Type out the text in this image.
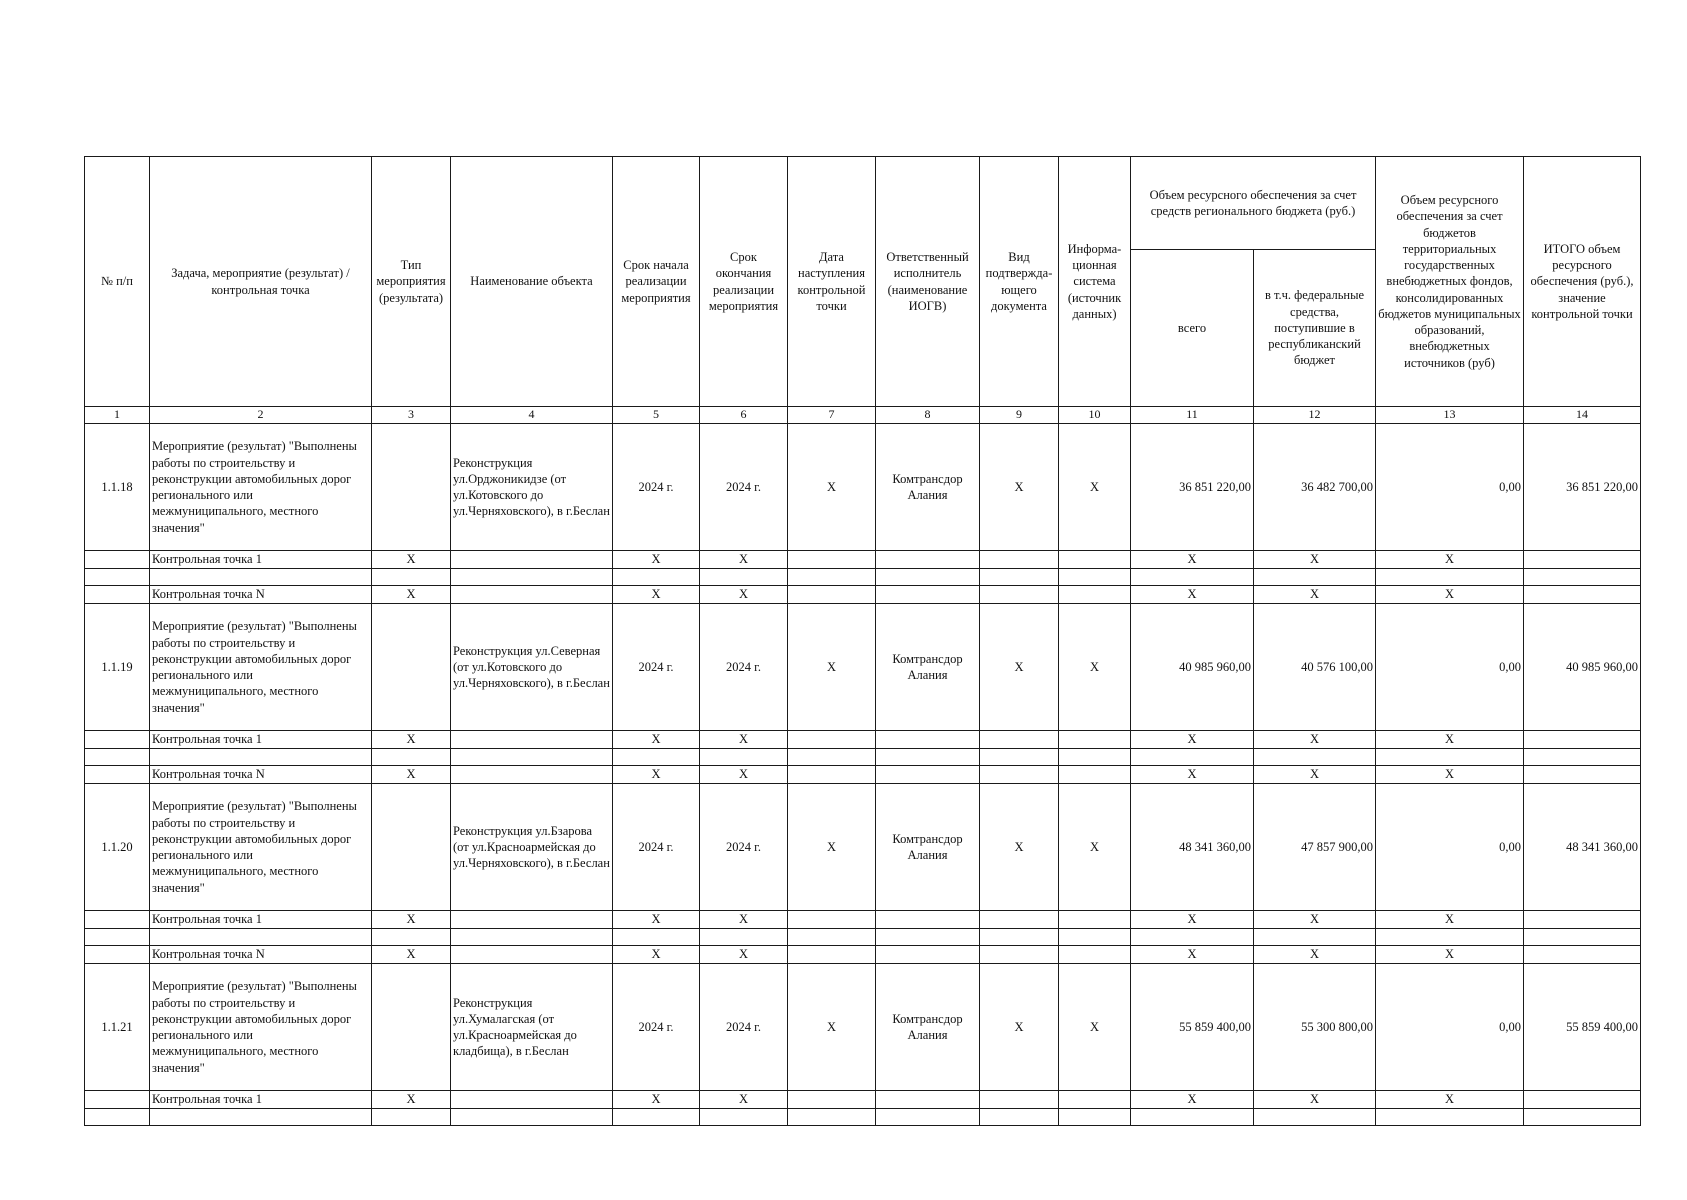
№ п/п	Задача, мероприятие (результат) / контрольная точка	Тип мероприятия (результата)	Наименование объекта	Срок начала реализации мероприятия	Срок окончания реализации мероприятия	Дата наступления контрольной точки	Ответственный исполнитель (наименование ИОГВ)	Вид подтвержда-ющего документа	Информа-ционная система (источник данных)	Объем ресурсного обеспечения за счет средств регионального бюджета (руб.)		Объем ресурсного обеспечения за счет бюджетов территориальных государственных внебюджетных фондов, консолидированных бюджетов муниципальных образований, внебюджетных источников (руб)	ИТОГО объем ресурсного обеспечения (руб.), значение контрольной точки
										всего	в т.ч. федеральные средства, поступившие в республиканский бюджет		
1	2	3	4	5	6	7	8	9	10	11	12	13	14
1.1.18	Мероприятие (результат) "Выполнены работы по строительству и реконструкции автомобильных дорог регионального или межмуниципального, местного значения"		Реконструкция ул.Орджоникидзе (от ул.Котовского до ул.Черняховского), в г.Беслан	2024 г.	2024 г.	X	Комтрансдор Алания	X	X	36 851 220,00	36 482 700,00	0,00	36 851 220,00
	Контрольная точка 1	X		X	X					X	X	X	

	Контрольная точка N	X		X	X					X	X	X	
1.1.19	Мероприятие (результат) "Выполнены работы по строительству и реконструкции автомобильных дорог регионального или межмуниципального, местного значения"		Реконструкция ул.Северная (от ул.Котовского до ул.Черняховского), в г.Беслан	2024 г.	2024 г.	X	Комтрансдор Алания	X	X	40 985 960,00	40 576 100,00	0,00	40 985 960,00
	Контрольная точка 1	X		X	X					X	X	X	

	Контрольная точка N	X		X	X					X	X	X	
1.1.20	Мероприятие (результат) "Выполнены работы по строительству и реконструкции автомобильных дорог регионального или межмуниципального, местного значения"		Реконструкция ул.Бзарова (от ул.Красноармейская до ул.Черняховского), в г.Беслан	2024 г.	2024 г.	X	Комтрансдор Алания	X	X	48 341 360,00	47 857 900,00	0,00	48 341 360,00
	Контрольная точка 1	X		X	X					X	X	X	

	Контрольная точка N	X		X	X					X	X	X	
1.1.21	Мероприятие (результат) "Выполнены работы по строительству и реконструкции автомобильных дорог регионального или межмуниципального, местного значения"		Реконструкция ул.Хумалагская (от ул.Красноармейская до кладбища), в г.Беслан	2024 г.	2024 г.	X	Комтрансдор Алания	X	X	55 859 400,00	55 300 800,00	0,00	55 859 400,00
	Контрольная точка 1	X		X	X					X	X	X	
